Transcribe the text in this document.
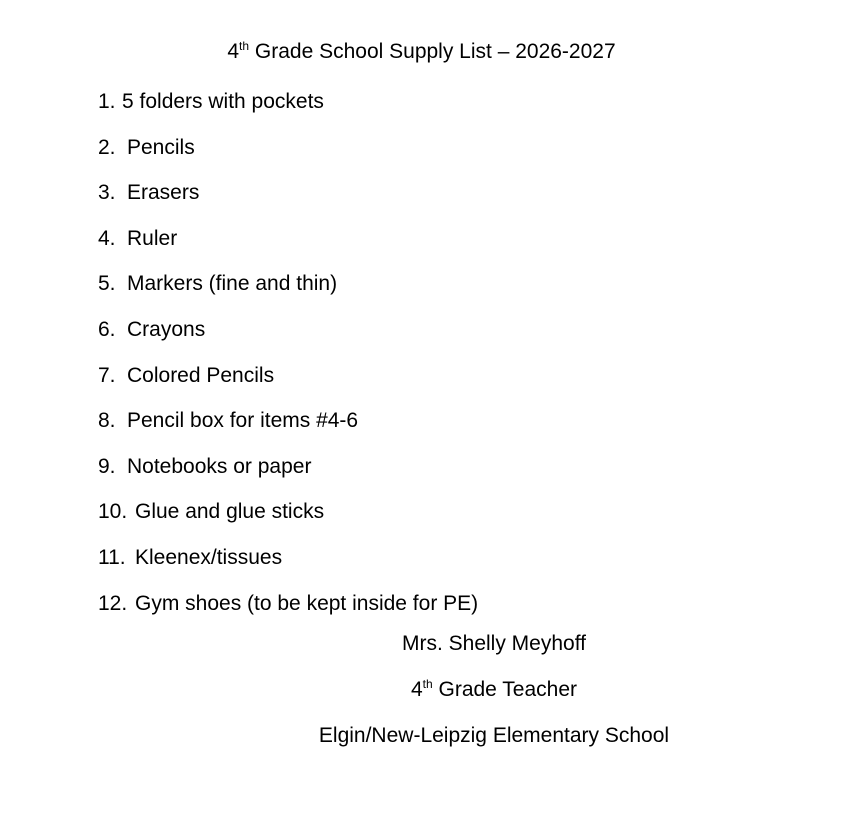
4th Grade School Supply List – 2026-2027
1. 5 folders with pockets
2. Pencils
3. Erasers
4. Ruler
5. Markers (fine and thin)
6. Crayons
7. Colored Pencils
8. Pencil box for items #4-6
9. Notebooks or paper
10. Glue and glue sticks
11. Kleenex/tissues
12. Gym shoes (to be kept inside for PE)
Mrs. Shelly Meyhoff
4th Grade Teacher
Elgin/New-Leipzig Elementary School
